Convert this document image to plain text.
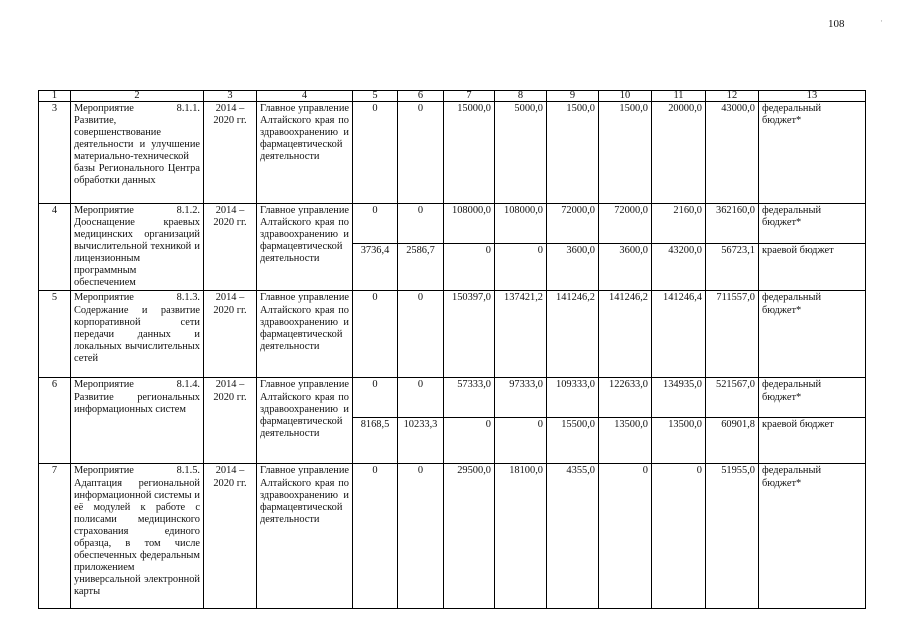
108	·
1	2	3	4	5	6	7	8	9	10	11	12	13
3	Мероприятие 8.1.1. Развитие, совершенствование деятельности и улучшение материально-технической базы Регионального Центра обработки данных	2014 – 2020 гг.	Главное управление Алтайского края по здравоохранению и фармацевтической деятельности	0	0	15000,0	5000,0	1500,0	1500,0	20000,0	43000,0	федеральный бюджет*
4	Мероприятие 8.1.2. Дооснащение краевых медицинских организаций вычислительной техникой и лицензионным программным обеспечением	2014 – 2020 гг.	Главное управление Алтайского края по здравоохранению и фармацевтической деятельности	0	0	108000,0	108000,0	72000,0	72000,0	2160,0	362160,0	федеральный бюджет*
				3736,4	2586,7	0	0	3600,0	3600,0	43200,0	56723,1	краевой бюджет
5	Мероприятие 8.1.3. Содержание и развитие корпоративной сети передачи данных и локальных вычислительных сетей	2014 – 2020 гг.	Главное управление Алтайского края по здравоохранению и фармацевтической деятельности	0	0	150397,0	137421,2	141246,2	141246,2	141246,4	711557,0	федеральный бюджет*
6	Мероприятие 8.1.4. Развитие региональных информационных систем	2014 – 2020 гг.	Главное управление Алтайского края по здравоохранению и фармацевтической деятельности	0	0	57333,0	97333,0	109333,0	122633,0	134935,0	521567,0	федеральный бюджет*
				8168,5	10233,3	0	0	15500,0	13500,0	13500,0	60901,8	краевой бюджет
7	Мероприятие 8.1.5. Адаптация региональной информационной системы и её модулей к работе с полисами медицинского страхования единого образца, в том числе обеспеченных федеральным приложением универсальной электронной карты	2014 – 2020 гг.	Главное управление Алтайского края по здравоохранению и фармацевтической деятельности	0	0	29500,0	18100,0	4355,0	0	0	51955,0	федеральный бюджет*
